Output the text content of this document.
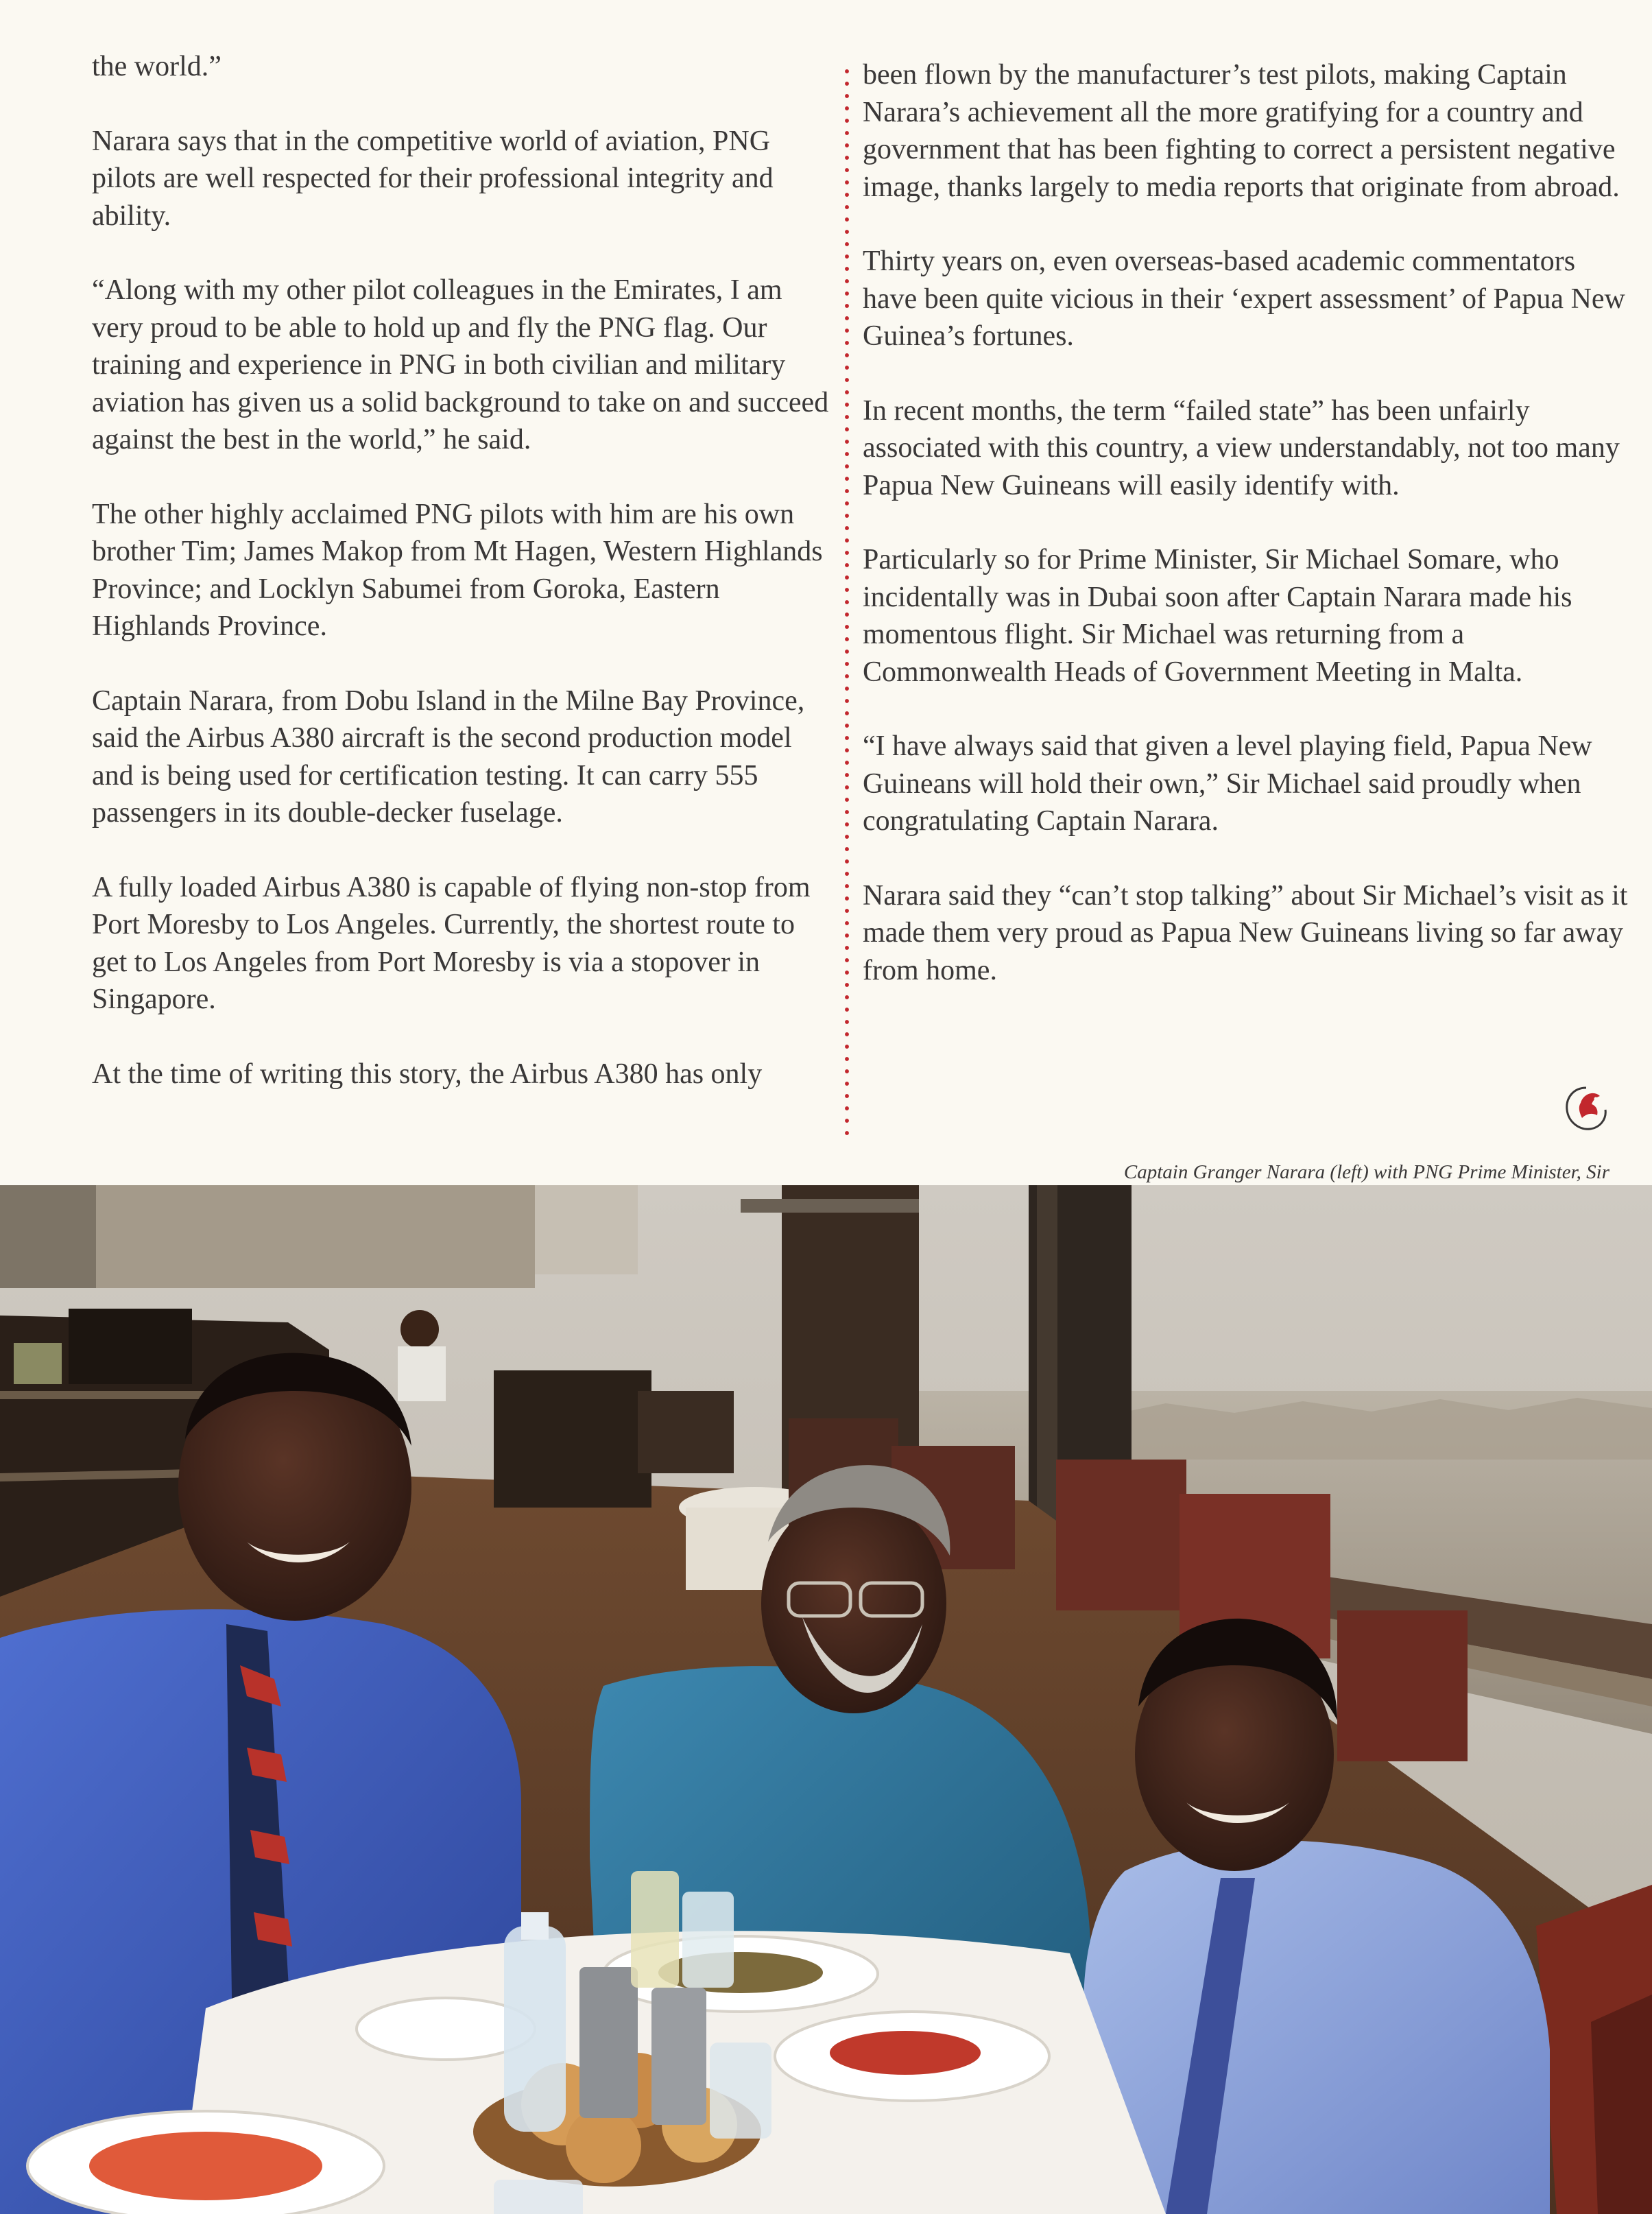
the world.”

Narara says that in the competitive world of aviation, PNG pilots are well respected for their professional integrity and ability.

“Along with my other pilot colleagues in the Emirates, I am very proud to be able to hold up and fly the PNG flag. Our training and experience in PNG in both civilian and military aviation has given us a solid background to take on and succeed against the best in the world,” he said.

The other highly acclaimed PNG pilots with him are his own brother Tim; James Makop from Mt Hagen, Western Highlands Province; and Locklyn Sabumei from Goroka, Eastern Highlands Province.

Captain Narara, from Dobu Island in the Milne Bay Province, said the Airbus A380 aircraft is the second production model and is being used for certification testing. It can carry 555 passengers in its double-decker fuselage.

A fully loaded Airbus A380 is capable of flying non-stop from Port Moresby to Los Angeles. Currently, the shortest route to get to Los Angeles from Port Moresby is via a stopover in Singapore.

At the time of writing this story, the Airbus A380 has only

been flown by the manufacturer’s test pilots, making Captain Narara’s achievement all the more gratifying for a country and government that has been fighting to correct a persistent negative image, thanks largely to media reports that originate from abroad.

Thirty years on, even overseas-based academic commentators have been quite vicious in their ‘expert assessment’ of Papua New Guinea’s fortunes.

In recent months, the term “failed state” has been unfairly associated with this country, a view understandably, not too many Papua New Guineans will easily identify with.

Particularly so for Prime Minister, Sir Michael Somare, who incidentally was in Dubai soon after Captain Narara made his momentous flight. Sir Michael was returning from a Commonwealth Heads of Government Meeting in Malta.

“I have always said that given a level playing field, Papua New Guineans will hold their own,” Sir Michael said proudly when congratulating Captain Narara.

Narara said they “can’t stop talking” about Sir Michael’s visit as it made them very proud as Papua New Guineans living so far away from home.

Captain Granger Narara (left) with PNG Prime Minister, Sir
